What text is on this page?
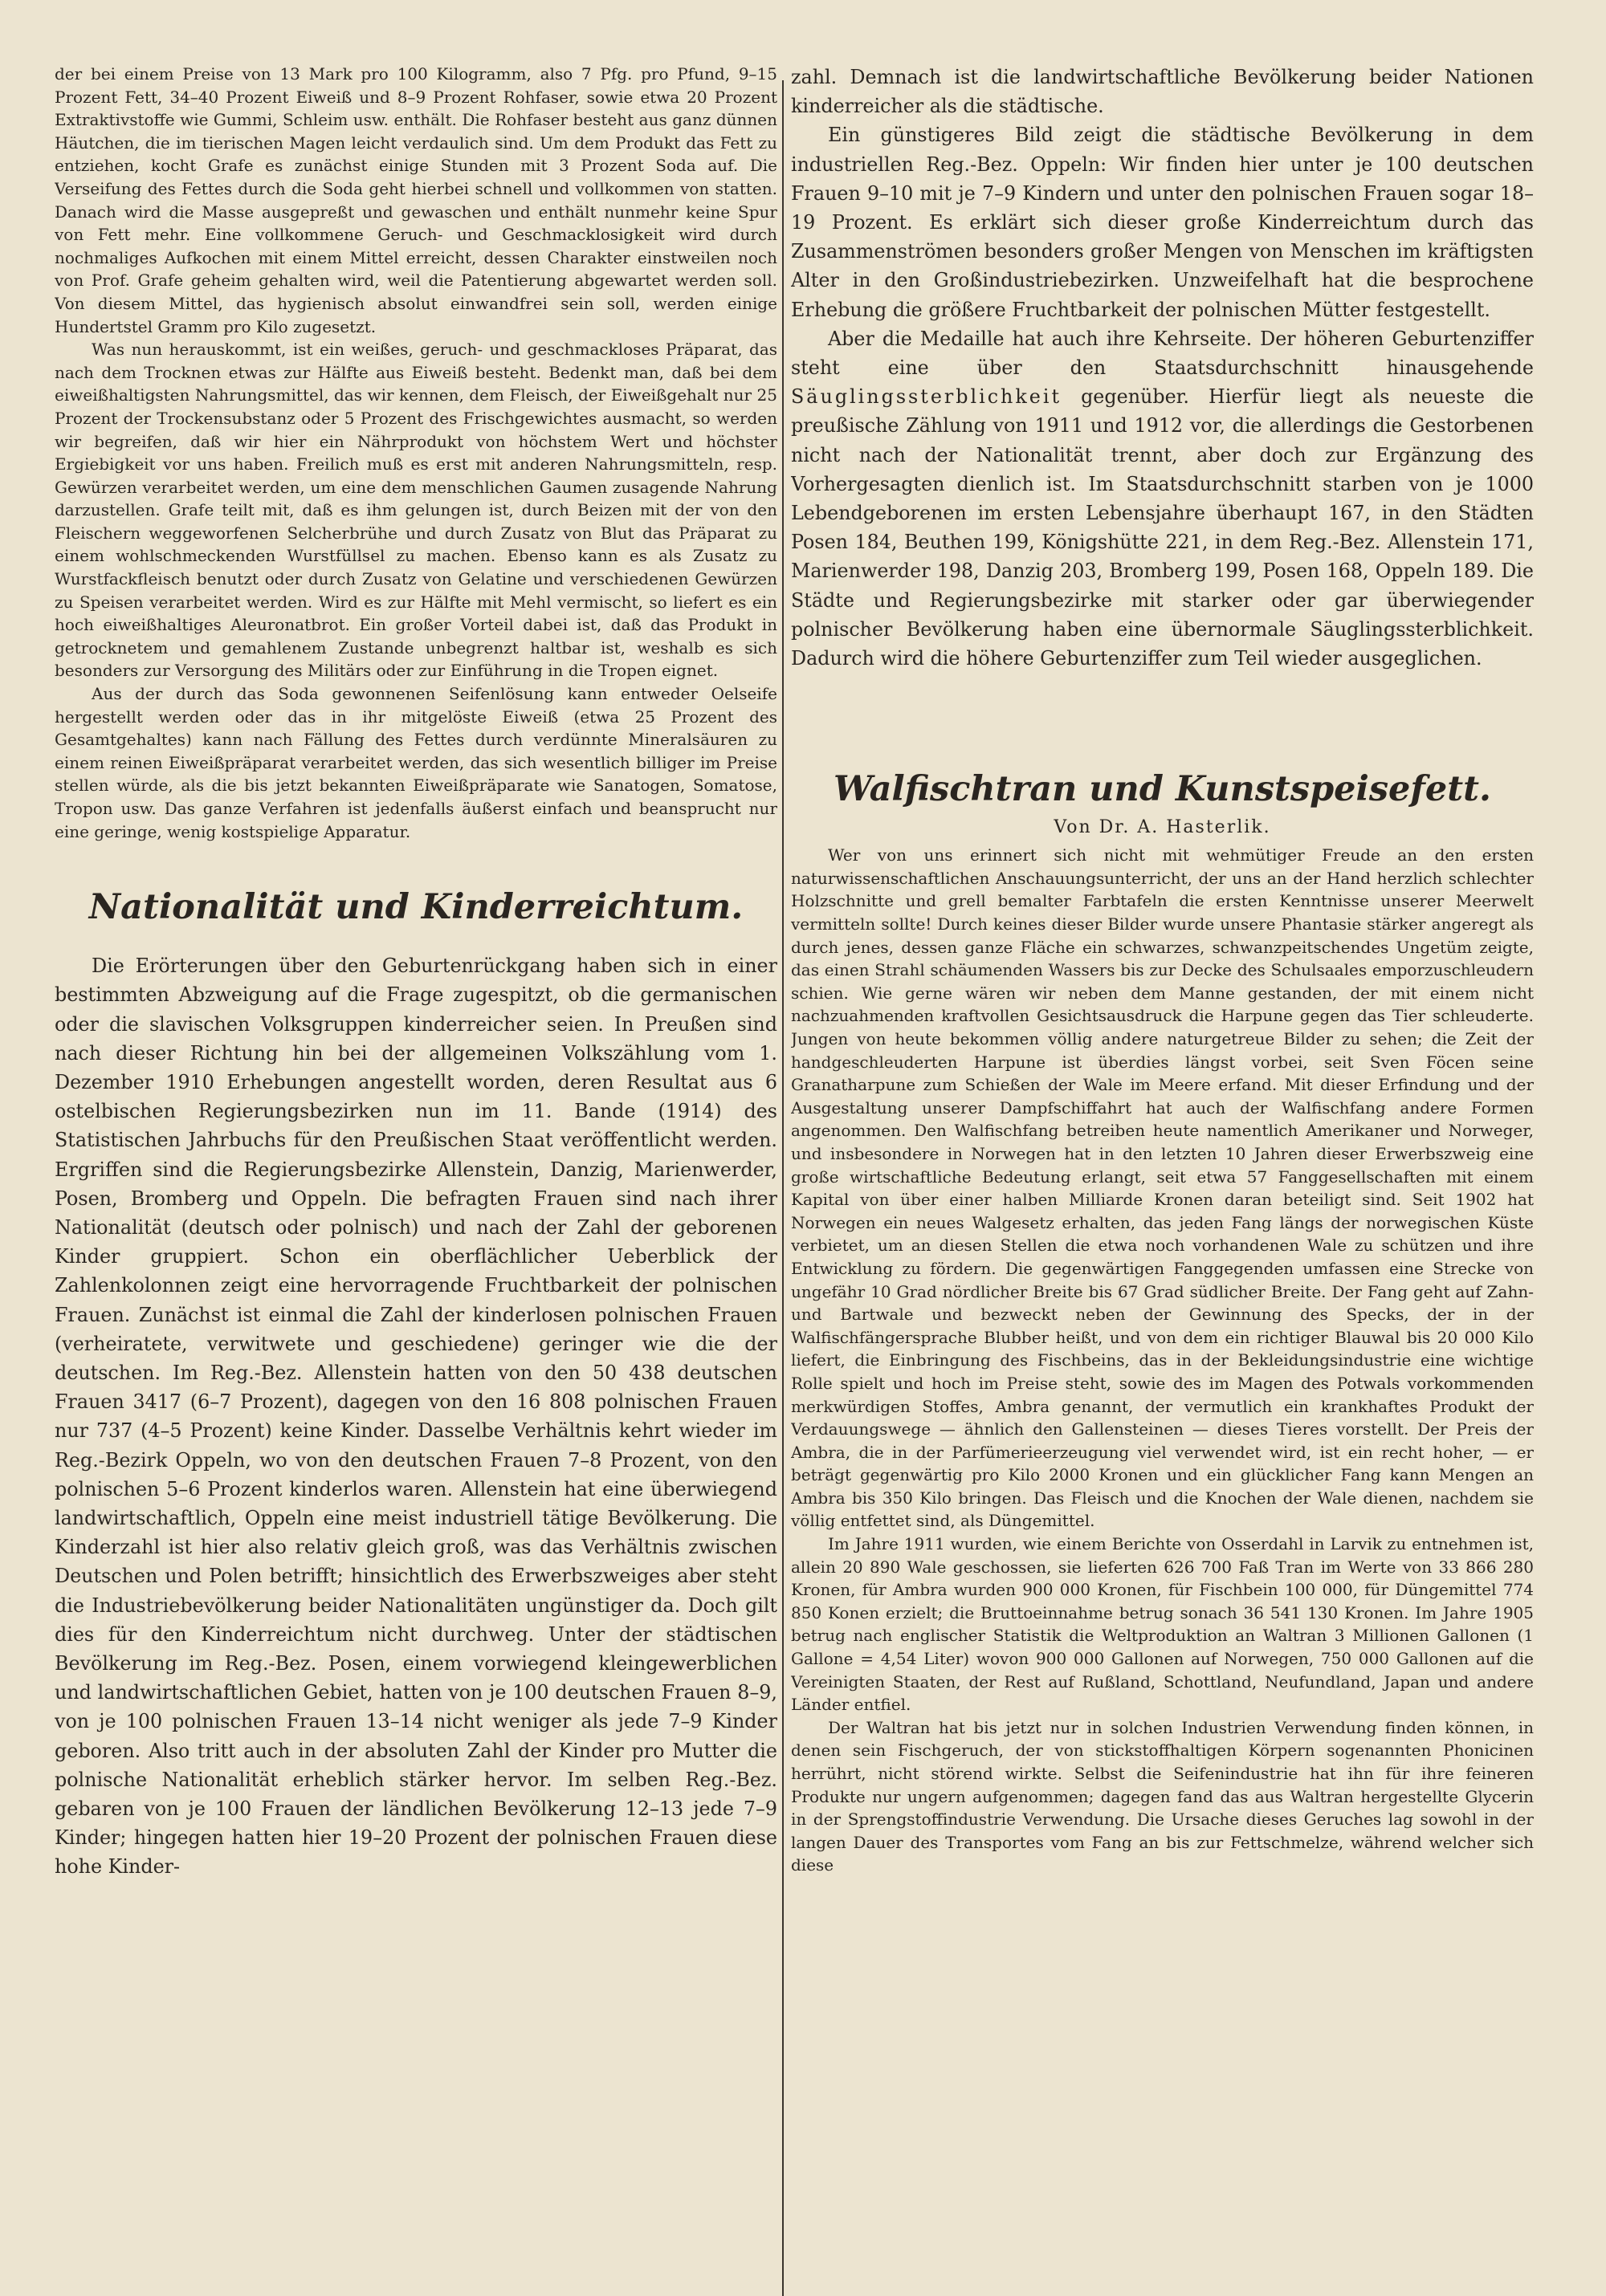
der bei einem Preise von 13 Mark pro 100 Kilogramm, also 7 Pfg. pro Pfund, 9–15 Prozent Fett, 34–40 Prozent Eiweiß und 8–9 Prozent Rohfaser, sowie etwa 20 Prozent Extraktivstoffe wie Gummi, Schleim usw. enthält. Die Rohfaser besteht aus ganz dünnen Häutchen, die im tierischen Magen leicht verdaulich sind. Um dem Produkt das Fett zu entziehen, kocht Grafe es zunächst einige Stunden mit 3 Prozent Soda auf. Die Verseifung des Fettes durch die Soda geht hierbei schnell und vollkommen von statten. Danach wird die Masse ausgepreßt und gewaschen und enthält nunmehr keine Spur von Fett mehr. Eine vollkommene Geruch- und Geschmacklosigkeit wird durch nochmaliges Aufkochen mit einem Mittel erreicht, dessen Charakter einstweilen noch von Prof. Grafe geheim gehalten wird, weil die Patentierung abgewartet werden soll. Von diesem Mittel, das hygienisch absolut einwandfrei sein soll, werden einige Hundertstel Gramm pro Kilo zugesetzt.

Was nun herauskommt, ist ein weißes, geruch- und geschmackloses Präparat, das nach dem Trocknen etwas zur Hälfte aus Eiweiß besteht. Bedenkt man, daß bei dem eiweißhaltigsten Nahrungsmittel, das wir kennen, dem Fleisch, der Eiweißgehalt nur 25 Prozent der Trockensubstanz oder 5 Prozent des Frischgewichtes ausmacht, so werden wir begreifen, daß wir hier ein Nährprodukt von höchstem Wert und höchster Ergiebigkeit vor uns haben. Freilich muß es erst mit anderen Nahrungsmitteln, resp. Gewürzen verarbeitet werden, um eine dem menschlichen Gaumen zusagende Nahrung darzustellen. Grafe teilt mit, daß es ihm gelungen ist, durch Beizen mit der von den Fleischern weggeworfenen Selcherbrühe und durch Zusatz von Blut das Präparat zu einem wohlschmeckenden Wurstfüllsel zu machen. Ebenso kann es als Zusatz zu Wurstfackfleisch benutzt oder durch Zusatz von Gelatine und verschiedenen Gewürzen zu Speisen verarbeitet werden. Wird es zur Hälfte mit Mehl vermischt, so liefert es ein hoch eiweißhaltiges Aleuronatbrot. Ein großer Vorteil dabei ist, daß das Produkt in getrocknetem und gemahlenem Zustande unbegrenzt haltbar ist, weshalb es sich besonders zur Versorgung des Militärs oder zur Einführung in die Tropen eignet.

Aus der durch das Soda gewonnenen Seifenlösung kann entweder Oelseife hergestellt werden oder das in ihr mitgelöste Eiweiß (etwa 25 Prozent des Gesamtgehaltes) kann nach Fällung des Fettes durch verdünnte Mineralsäuren zu einem reinen Eiweißpräparat verarbeitet werden, das sich wesentlich billiger im Preise stellen würde, als die bis jetzt bekannten Eiweißpräparate wie Sanatogen, Somatose, Tropon usw. Das ganze Verfahren ist jedenfalls äußerst einfach und beansprucht nur eine geringe, wenig kostspielige Apparatur.

Nationalität und Kinderreichtum.

Die Erörterungen über den Geburtenrückgang haben sich in einer bestimmten Abzweigung auf die Frage zugespitzt, ob die germanischen oder die slavischen Volksgruppen kinderreicher seien. In Preußen sind nach dieser Richtung hin bei der allgemeinen Volkszählung vom 1. Dezember 1910 Erhebungen angestellt worden, deren Resultat aus 6 ostelbischen Regierungsbezirken nun im 11. Bande (1914) des Statistischen Jahrbuchs für den Preußischen Staat veröffentlicht werden. Ergriffen sind die Regierungsbezirke Allenstein, Danzig, Marienwerder, Posen, Bromberg und Oppeln. Die befragten Frauen sind nach ihrer Nationalität (deutsch oder polnisch) und nach der Zahl der geborenen Kinder gruppiert. Schon ein oberflächlicher Ueberblick der Zahlenkolonnen zeigt eine hervorragende Fruchtbarkeit der polnischen Frauen. Zunächst ist einmal die Zahl der kinderlosen polnischen Frauen (verheiratete, verwitwete und geschiedene) geringer wie die der deutschen. Im Reg.-Bez. Allenstein hatten von den 50 438 deutschen Frauen 3417 (6–7 Prozent), dagegen von den 16 808 polnischen Frauen nur 737 (4–5 Prozent) keine Kinder. Dasselbe Verhältnis kehrt wieder im Reg.-Bezirk Oppeln, wo von den deutschen Frauen 7–8 Prozent, von den polnischen 5–6 Prozent kinderlos waren. Allenstein hat eine überwiegend landwirtschaftlich, Oppeln eine meist industriell tätige Bevölkerung. Die Kinderzahl ist hier also relativ gleich groß, was das Verhältnis zwischen Deutschen und Polen betrifft; hinsichtlich des Erwerbszweiges aber steht die Industriebevölkerung beider Nationalitäten ungünstiger da. Doch gilt dies für den Kinderreichtum nicht durchweg. Unter der städtischen Bevölkerung im Reg.-Bez. Posen, einem vorwiegend kleingewerblichen und landwirtschaftlichen Gebiet, hatten von je 100 deutschen Frauen 8–9, von je 100 polnischen Frauen 13–14 nicht weniger als jede 7–9 Kinder geboren. Also tritt auch in der absoluten Zahl der Kinder pro Mutter die polnische Nationalität erheblich stärker hervor. Im selben Reg.-Bez. gebaren von je 100 Frauen der ländlichen Bevölkerung 12–13 jede 7–9 Kinder; hingegen hatten hier 19–20 Prozent der polnischen Frauen diese hohe Kinder-

zahl. Demnach ist die landwirtschaftliche Bevölkerung beider Nationen kinderreicher als die städtische.

Ein günstigeres Bild zeigt die städtische Bevölkerung in dem industriellen Reg.-Bez. Oppeln: Wir finden hier unter je 100 deutschen Frauen 9–10 mit je 7–9 Kindern und unter den polnischen Frauen sogar 18–19 Prozent. Es erklärt sich dieser große Kinderreichtum durch das Zusammenströmen besonders großer Mengen von Menschen im kräftigsten Alter in den Großindustriebezirken. Unzweifelhaft hat die besprochene Erhebung die größere Fruchtbarkeit der polnischen Mütter festgestellt.

Aber die Medaille hat auch ihre Kehrseite. Der höheren Geburtenziffer steht eine über den Staatsdurchschnitt hinausgehende Säuglingssterblichkeit gegenüber. Hierfür liegt als neueste die preußische Zählung von 1911 und 1912 vor, die allerdings die Gestorbenen nicht nach der Nationalität trennt, aber doch zur Ergänzung des Vorhergesagten dienlich ist. Im Staatsdurchschnitt starben von je 1000 Lebendgeborenen im ersten Lebensjahre überhaupt 167, in den Städten Posen 184, Beuthen 199, Königshütte 221, in dem Reg.-Bez. Allenstein 171, Marienwerder 198, Danzig 203, Bromberg 199, Posen 168, Oppeln 189. Die Städte und Regierungsbezirke mit starker oder gar überwiegender polnischer Bevölkerung haben eine übernormale Säuglingssterblichkeit. Dadurch wird die höhere Geburtenziffer zum Teil wieder ausgeglichen.

Walfischtran und Kunstspeisefett.
Von Dr. A. Hasterlik.

Wer von uns erinnert sich nicht mit wehmütiger Freude an den ersten naturwissenschaftlichen Anschauungsunterricht, der uns an der Hand herzlich schlechter Holzschnitte und grell bemalter Farbtafeln die ersten Kenntnisse unserer Meerwelt vermitteln sollte! Durch keines dieser Bilder wurde unsere Phantasie stärker angeregt als durch jenes, dessen ganze Fläche ein schwarzes, schwanzpeitschendes Ungetüm zeigte, das einen Strahl schäumenden Wassers bis zur Decke des Schulsaales emporzuschleudern schien. Wie gerne wären wir neben dem Manne gestanden, der mit einem nicht nachzuahmenden kraftvollen Gesichtsausdruck die Harpune gegen das Tier schleuderte. Jungen von heute bekommen völlig andere naturgetreue Bilder zu sehen; die Zeit der handgeschleuderten Harpune ist überdies längst vorbei, seit Sven Föcen seine Granatharpune zum Schießen der Wale im Meere erfand. Mit dieser Erfindung und der Ausgestaltung unserer Dampfschiffahrt hat auch der Walfischfang andere Formen angenommen. Den Walfischfang betreiben heute namentlich Amerikaner und Norweger, und insbesondere in Norwegen hat in den letzten 10 Jahren dieser Erwerbszweig eine große wirtschaftliche Bedeutung erlangt, seit etwa 57 Fanggesellschaften mit einem Kapital von über einer halben Milliarde Kronen daran beteiligt sind. Seit 1902 hat Norwegen ein neues Walgesetz erhalten, das jeden Fang längs der norwegischen Küste verbietet, um an diesen Stellen die etwa noch vorhandenen Wale zu schützen und ihre Entwicklung zu fördern. Die gegenwärtigen Fanggegenden umfassen eine Strecke von ungefähr 10 Grad nördlicher Breite bis 67 Grad südlicher Breite. Der Fang geht auf Zahn- und Bartwale und bezweckt neben der Gewinnung des Specks, der in der Walfischfängersprache Blubber heißt, und von dem ein richtiger Blauwal bis 20 000 Kilo liefert, die Einbringung des Fischbeins, das in der Bekleidungsindustrie eine wichtige Rolle spielt und hoch im Preise steht, sowie des im Magen des Potwals vorkommenden merkwürdigen Stoffes, Ambra genannt, der vermutlich ein krankhaftes Produkt der Verdauungswege — ähnlich den Gallensteinen — dieses Tieres vorstellt. Der Preis der Ambra, die in der Parfümerieerzeugung viel verwendet wird, ist ein recht hoher, — er beträgt gegenwärtig pro Kilo 2000 Kronen und ein glücklicher Fang kann Mengen an Ambra bis 350 Kilo bringen. Das Fleisch und die Knochen der Wale dienen, nachdem sie völlig entfettet sind, als Düngemittel.

Im Jahre 1911 wurden, wie einem Berichte von Osserdahl in Larvik zu entnehmen ist, allein 20 890 Wale geschossen, sie lieferten 626 700 Faß Tran im Werte von 33 866 280 Kronen, für Ambra wurden 900 000 Kronen, für Fischbein 100 000, für Düngemittel 774 850 Konen erzielt; die Bruttoeinnahme betrug sonach 36 541 130 Kronen. Im Jahre 1905 betrug nach englischer Statistik die Weltproduktion an Waltran 3 Millionen Gallonen (1 Gallone = 4,54 Liter) wovon 900 000 Gallonen auf Norwegen, 750 000 Gallonen auf die Vereinigten Staaten, der Rest auf Rußland, Schottland, Neufundland, Japan und andere Länder entfiel.

Der Waltran hat bis jetzt nur in solchen Industrien Verwendung finden können, in denen sein Fischgeruch, der von stickstoffhaltigen Körpern sogenannten Phonicinen herrührt, nicht störend wirkte. Selbst die Seifenindustrie hat ihn für ihre feineren Produkte nur ungern aufgenommen; dagegen fand das aus Waltran hergestellte Glycerin in der Sprengstoffindustrie Verwendung. Die Ursache dieses Geruches lag sowohl in der langen Dauer des Transportes vom Fang an bis zur Fettschmelze, während welcher sich diese
